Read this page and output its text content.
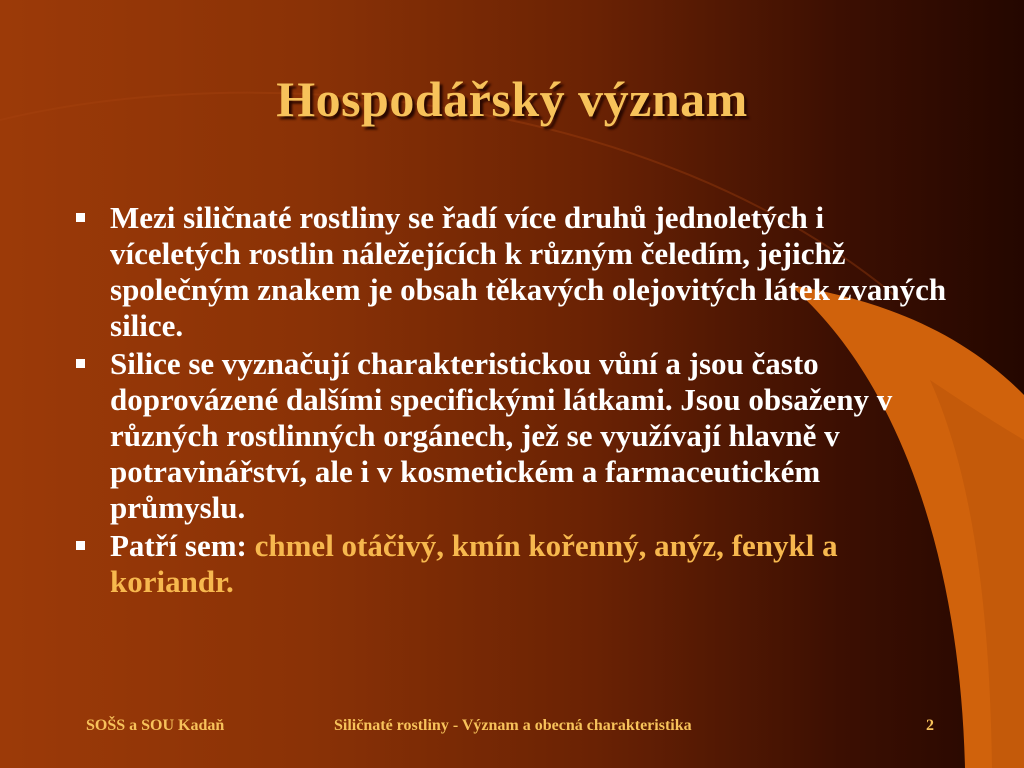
Hospodářský význam
Mezi siličnaté rostliny se řadí více druhů jednoletých i víceletých rostlin náležejících k různým čeledím, jejichž společným znakem je obsah těkavých olejovitých látek zvaných silice.
Silice se vyznačují charakteristickou vůní a jsou často doprovázené dalšími specifickými látkami. Jsou obsaženy v různých rostlinných orgánech, jež se využívají hlavně v potravinářství, ale i v kosmetickém a farmaceutickém průmyslu.
Patří sem: chmel otáčivý, kmín kořenný, anýz, fenykl a koriandr.
SOŠS a SOU Kadaň	Siličnaté rostliny - Význam a obecná charakteristika	2
